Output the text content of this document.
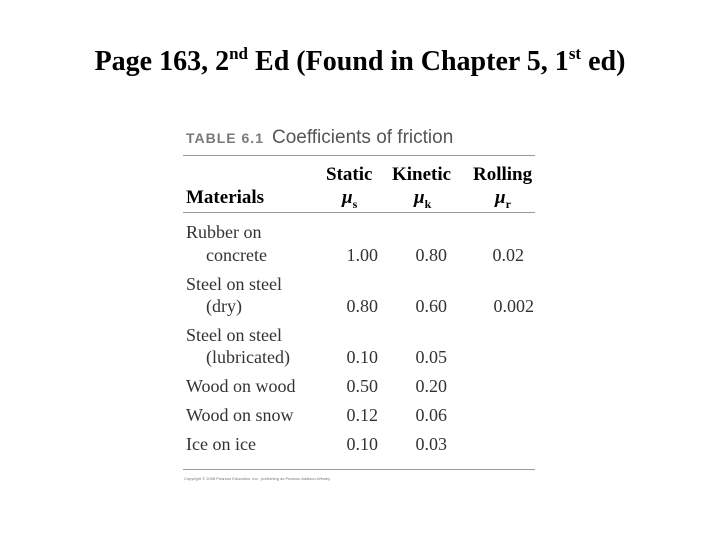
Page 163, 2nd Ed (Found in Chapter 5, 1st ed)
TABLE 6.1 Coefficients of friction
Static Kinetic Rolling
Materials	$\mu_s$	$\mu_k$	$\mu_r$
Rubber on
concrete	1.00	0.80	0.02
Steel on steel
(dry)	0.80	0.60	0.002
Steel on steel
(lubricated)	0.10	0.05
Wood on wood	0.50	0.20
Wood on snow	0.12	0.06
Ice on ice	0.10	0.03
Copyright © 2008 Pearson Education, Inc., publishing as Pearson Addison-Wesley.
